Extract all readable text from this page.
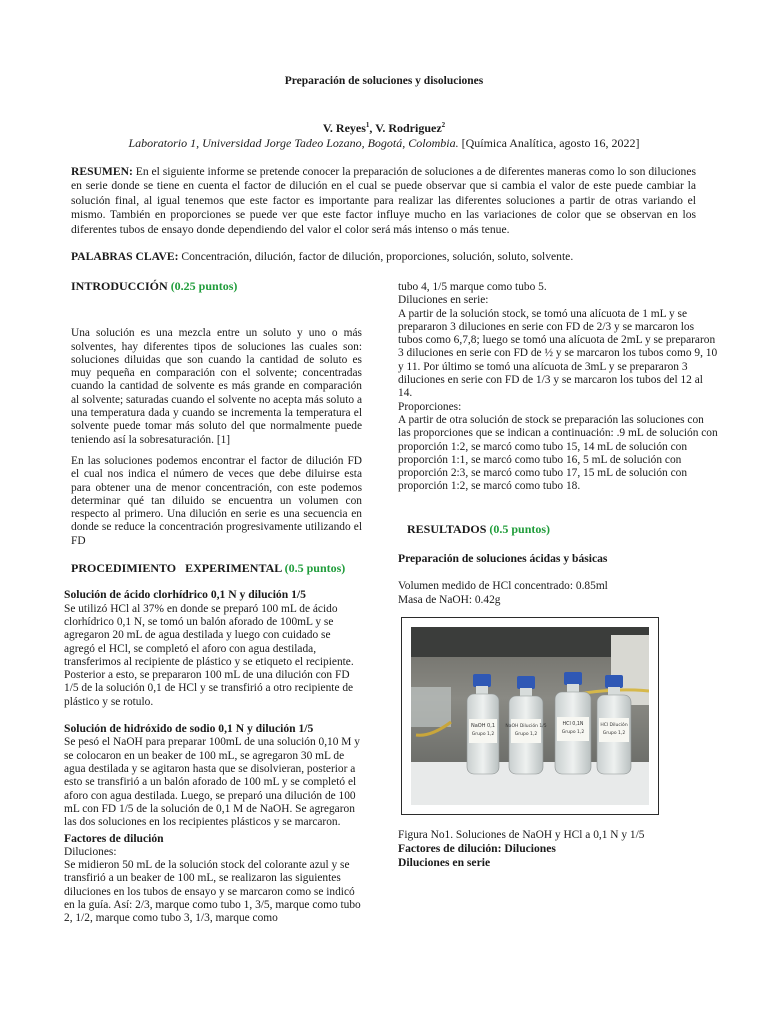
Preparación de soluciones y disoluciones
V. Reyes$^1$, V. Rodriguez$^2$
Laboratorio 1, Universidad Jorge Tadeo Lozano, Bogotá, Colombia. [Química Analítica, agosto 16, 2022]
RESUMEN: En el siguiente informe se pretende conocer la preparación de soluciones a de diferentes maneras como lo son diluciones en serie donde se tiene en cuenta el factor de dilución en el cual se puede observar que si cambia el valor de este puede cambiar la solución final, al igual tenemos que este factor es importante para realizar las diferentes soluciones a partir de otras variando el mismo. También en proporciones se puede ver que este factor influye mucho en las variaciones de color que se observan en los diferentes tubos de ensayo donde dependiendo del valor el color será más intenso o más tenue.
PALABRAS CLAVE: Concentración, dilución, factor de dilución, proporciones, solución, soluto, solvente.
INTRODUCCIÓN (0.25 puntos)

Una solución es una mezcla entre un soluto y uno o más solventes, hay diferentes tipos de soluciones las cuales son: soluciones diluidas que son cuando la cantidad de soluto es muy pequeña en comparación con el solvente; concentradas cuando la cantidad de solvente es más grande en comparación al solvente; saturadas cuando el solvente no acepta más soluto a una temperatura dada y cuando se incrementa la temperatura el solvente puede tomar más soluto del que normalmente puede teniendo así la sobresaturación. [1]

En las soluciones podemos encontrar el factor de dilución FD el cual nos indica el número de veces que debe diluirse esta para obtener una de menor concentración, con este podemos determinar qué tan diluido se encuentra un volumen con respecto al primero. Una dilución en serie es una secuencia en donde se reduce la concentración progresivamente utilizando el FD

PROCEDIMIENTO   EXPERIMENTAL (0.5 puntos)
Solución de ácido clorhídrico 0,1 N y dilución 1/5

Se utilizó HCl al 37% en donde se preparó 100 mL de ácido clorhídrico 0,1 N, se tomó un balón aforado de 100mL y se agregaron 20 mL de agua destilada y luego con cuidado se agregó el HCl, se completó el aforo con agua destilada, transferimos al recipiente de plástico y se etiqueto el recipiente. Posterior a esto, se prepararon 100 mL de una dilución con FD 1/5 de la solución 0,1 de HCl y se transfirió a otro recipiente de plástico y se rotulo.

Solución de hidróxido de sodio 0,1 N y dilución 1/5

Se pesó el NaOH para preparar 100mL de una solución 0,10 M y se colocaron en un beaker de 100 mL, se agregaron 30 mL de agua destilada y se agitaron hasta que se disolvieran, posterior a esto se transfirió a un balón aforado de 100 mL y se completó el aforo con agua destilada. Luego, se preparó una dilución de 100 mL con FD 1/5 de la solución de 0,1 M de NaOH. Se agregaron las dos soluciones en los recipientes plásticos y se marcaron.

Factores de dilución

Diluciones:

Se midieron 50 mL de la solución stock del colorante azul y se transfirió a un beaker de 100 mL, se realizaron las siguientes diluciones en los tubos de ensayo y se marcaron como se indicó en la guía. Así: 2/3, marque como tubo 1, 3/5, marque como tubo 2, 1/2, marque como tubo 3, 1/3, marque como

tubo 4, 1/5 marque como tubo 5.

Diluciones en serie:

A partir de la solución stock, se tomó una alícuota de 1 mL y se prepararon 3 diluciones en serie con FD de 2/3 y se marcaron los tubos como 6,7,8; luego se tomó una alícuota de 2mL y se prepararon 3 diluciones en serie con FD de ½ y se marcaron los tubos como 9, 10 y 11. Por último se tomó una alícuota de 3mL y se prepararon 3 diluciones en serie con FD de 1/3 y se marcaron los tubos del 12 al 14.

Proporciones:

A partir de otra solución de stock se preparación las soluciones con las proporciones que se indican a continuación: .9 mL de solución con proporción 1:2, se marcó como tubo 15, 14 mL de solución con proporción 1:1, se marcó como tubo 16, 5 mL de solución con proporción 2:3, se marcó como tubo 17, 15 mL de solución con proporción 1:2, se marcó como tubo 18.

RESULTADOS (0.5 puntos)
Preparación de soluciones ácidas y básicas

Volumen medido de HCl concentrado: 0.85ml

Masa de NaOH: 0.42g

NaOH 0,1
Grupo 1,2
NaOH Dilución 1/5
Grupo 1,2
HCl 0,1N
Grupo 1,2
HCl Dilución
Grupo 1,2

Figura No1. Soluciones de NaOH y HCl a 0,1 N y 1/5

Factores de dilución: Diluciones
Diluciones en serie
